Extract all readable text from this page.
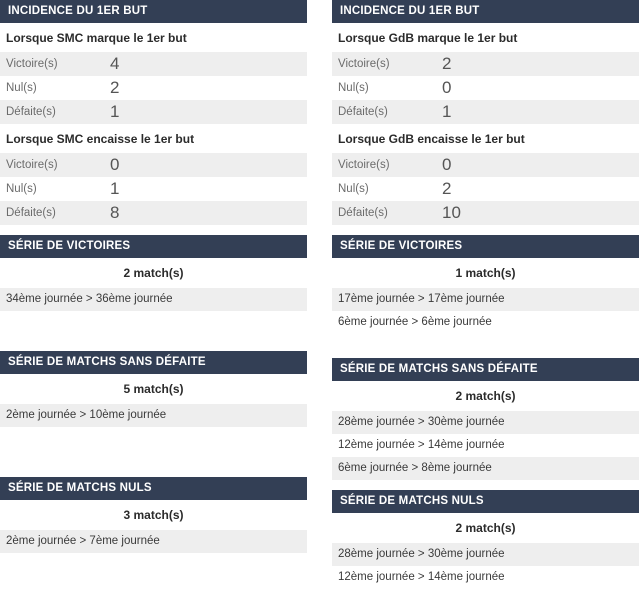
INCIDENCE DU 1ER BUT
Lorsque SMC marque le 1er but
Victoire(s)	4
Nul(s)	2
Défaite(s)	1
Lorsque SMC encaisse le 1er but
Victoire(s)	0
Nul(s)	1
Défaite(s)	8
SÉRIE DE VICTOIRES
2 match(s)
34ème journée > 36ème journée
SÉRIE DE MATCHS SANS DÉFAITE
5 match(s)
2ème journée > 10ème journée
SÉRIE DE MATCHS NULS
3 match(s)
2ème journée > 7ème journée
INCIDENCE DU 1ER BUT
Lorsque GdB marque le 1er but
Victoire(s)	2
Nul(s)	0
Défaite(s)	1
Lorsque GdB encaisse le 1er but
Victoire(s)	0
Nul(s)	2
Défaite(s)	10
SÉRIE DE VICTOIRES
1 match(s)
17ème journée > 17ème journée
6ème journée > 6ème journée
SÉRIE DE MATCHS SANS DÉFAITE
2 match(s)
28ème journée > 30ème journée
12ème journée > 14ème journée
6ème journée > 8ème journée
SÉRIE DE MATCHS NULS
2 match(s)
28ème journée > 30ème journée
12ème journée > 14ème journée
